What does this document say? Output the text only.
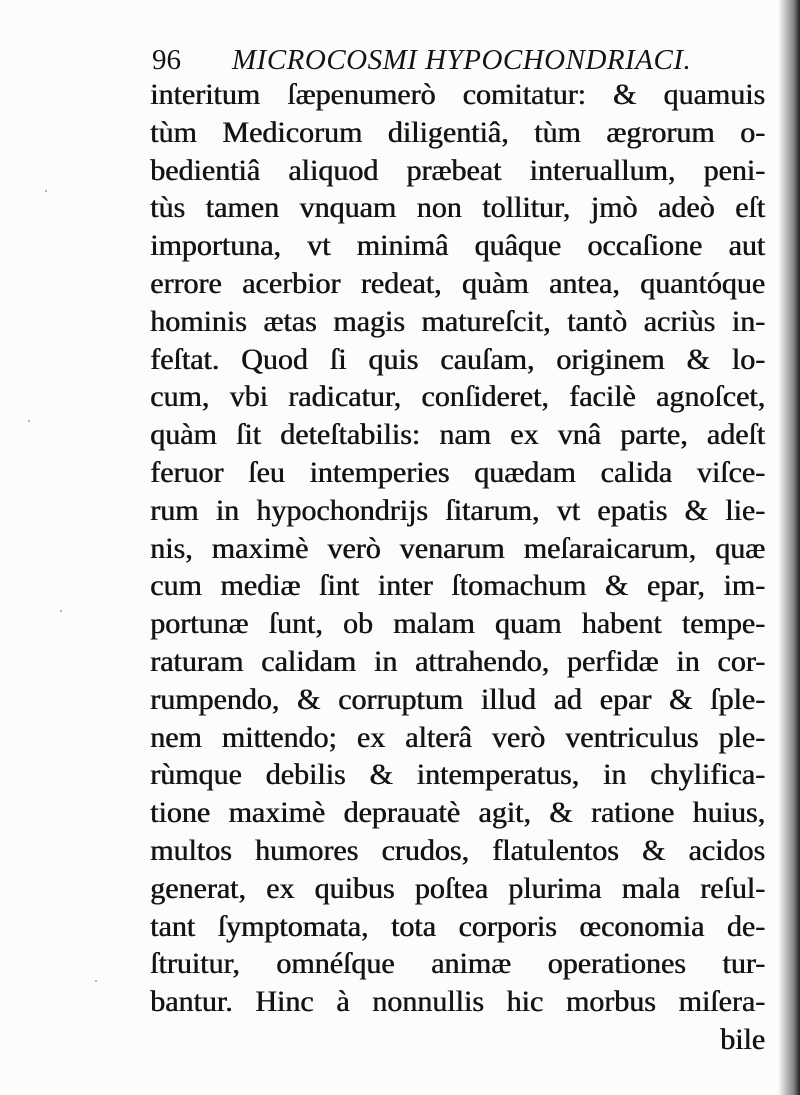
96 MICROCOSMI HYPOCHONDRIACI.
interitum ſæpenumerò comitatur: & quamuis
tùm Medicorum diligentiâ, tùm ægrorum o-
bedientiâ aliquod præbeat interuallum, peni-
tùs tamen vnquam non tollitur, jmò adeò eſt
importuna, vt minimâ quâque occaſione aut
errore acerbior redeat, quàm antea, quantóque
hominis ætas magis matureſcit, tantò acriùs in-
feſtat. Quod ſi quis cauſam, originem & lo-
cum, vbi radicatur, conſideret, facilè agnoſcet,
quàm ſit deteſtabilis: nam ex vnâ parte, adeſt
feruor ſeu intemperies quædam calida viſce-
rum in hypochondrijs ſitarum, vt epatis & lie-
nis, maximè verò venarum meſaraicarum, quæ
cum mediæ ſint inter ſtomachum & epar, im-
portunæ ſunt, ob malam quam habent tempe-
raturam calidam in attrahendo, perfidæ in cor-
rumpendo, & corruptum illud ad epar & ſple-
nem mittendo; ex alterâ verò ventriculus ple-
rùmque debilis & intemperatus, in chylifica-
tione maximè deprauatè agit, & ratione huius,
multos humores crudos, flatulentos & acidos
generat, ex quibus poſtea plurima mala reſul-
tant ſymptomata, tota corporis œconomia de-
ſtruitur, omnéſque animæ operationes tur-
bantur. Hinc à nonnullis hic morbus miſera-
bile
